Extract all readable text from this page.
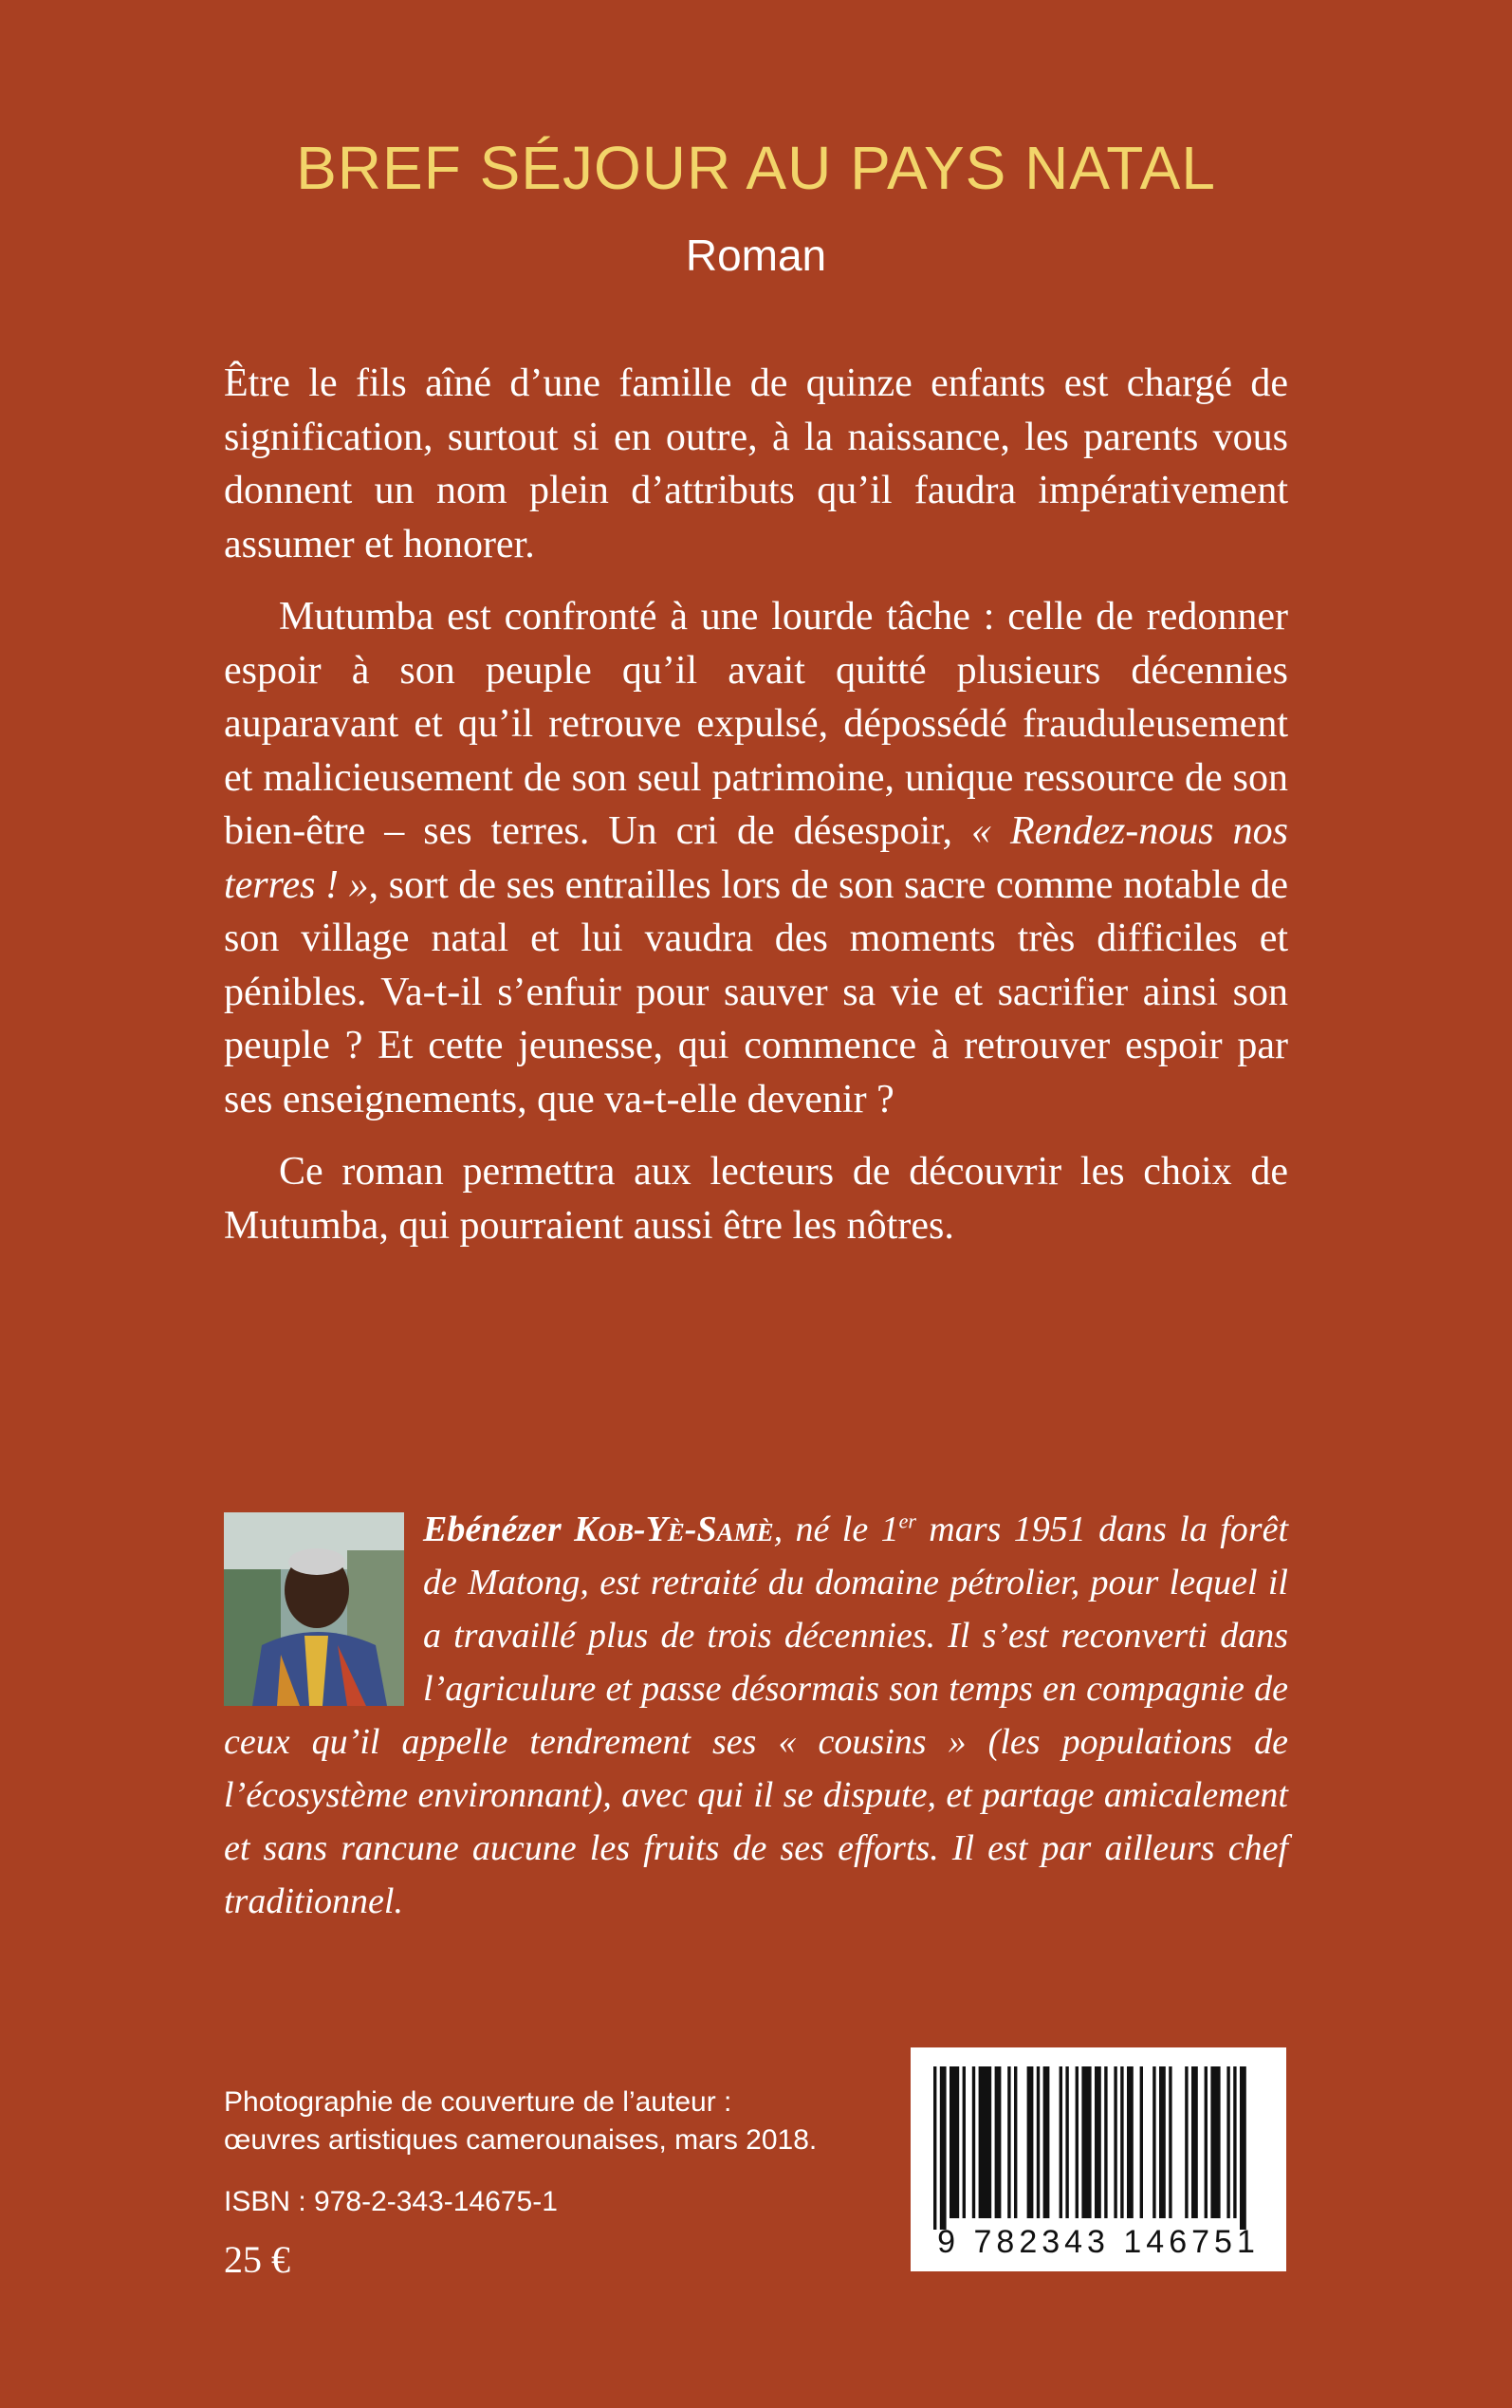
BREF SÉJOUR AU PAYS NATAL
Roman

Être le fils aîné d’une famille de quinze enfants est chargé de signification, surtout si en outre, à la naissance, les parents vous donnent un nom plein d’attributs qu’il faudra impérativement assumer et honorer.

Mutumba est confronté à une lourde tâche : celle de redonner espoir à son peuple qu’il avait quitté plusieurs décennies auparavant et qu’il retrouve expulsé, dépossédé frauduleusement et malicieusement de son seul patrimoine, unique ressource de son bien-être – ses terres. Un cri de désespoir, « Rendez-nous nos terres ! », sort de ses entrailles lors de son sacre comme notable de son village natal et lui vaudra des moments très difficiles et pénibles. Va-t-il s’enfuir pour sauver sa vie et sacrifier ainsi son peuple ? Et cette jeunesse, qui commence à retrouver espoir par ses enseignements, que va-t-elle devenir ?

Ce roman permettra aux lecteurs de découvrir les choix de Mutumba, qui pourraient aussi être les nôtres.

Ebénézer Kob-Yè-Samè, né le 1er mars 1951 dans la forêt de Matong, est retraité du domaine pétrolier, pour lequel il a travaillé plus de trois décennies. Il s’est reconverti dans l’agriculure et passe désormais son temps en compagnie de ceux qu’il appelle tendrement ses « cousins » (les populations de l’écosystème environnant), avec qui il se dispute, et partage amicalement et sans rancune aucune les fruits de ses efforts. Il est par ailleurs chef traditionnel.
Photographie de couverture de l’auteur :
œuvres artistiques camerounaises, mars 2018.
ISBN : 978-2-343-14675-1
25 €	9 782343 146751
